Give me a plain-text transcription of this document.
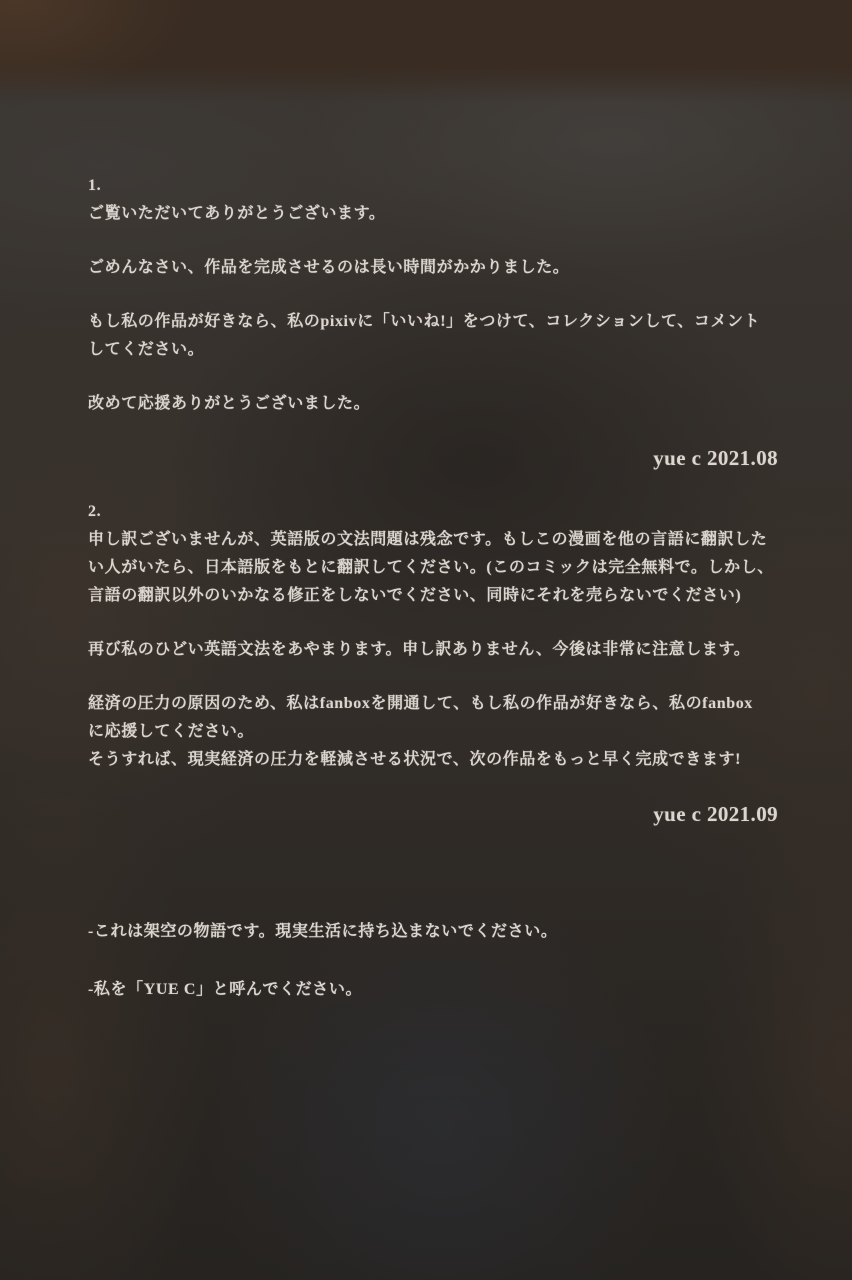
1.
ご覧いただいてありがとうございます。
ごめんなさい、作品を完成させるのは長い時間がかかりました。
もし私の作品が好きなら、私のpixivに「いいね!」をつけて、コレクションして、コメント
してください。
改めて応援ありがとうございました。
yue c 2021.08
2.
申し訳ございませんが、英語版の文法問題は残念です。もしこの漫画を他の言語に翻訳した
い人がいたら、日本語版をもとに翻訳してください。(このコミックは完全無料で。しかし、
言語の翻訳以外のいかなる修正をしないでください、同時にそれを売らないでください)
再び私のひどい英語文法をあやまります。申し訳ありません、今後は非常に注意します。
経済の圧力の原因のため、私はfanboxを開通して、もし私の作品が好きなら、私のfanbox
に応援してください。
そうすれば、現実経済の圧力を軽減させる状況で、次の作品をもっと早く完成できます!
yue c 2021.09
-これは架空の物語です。現実生活に持ち込まないでください。
-私を「YUE C」と呼んでください。
